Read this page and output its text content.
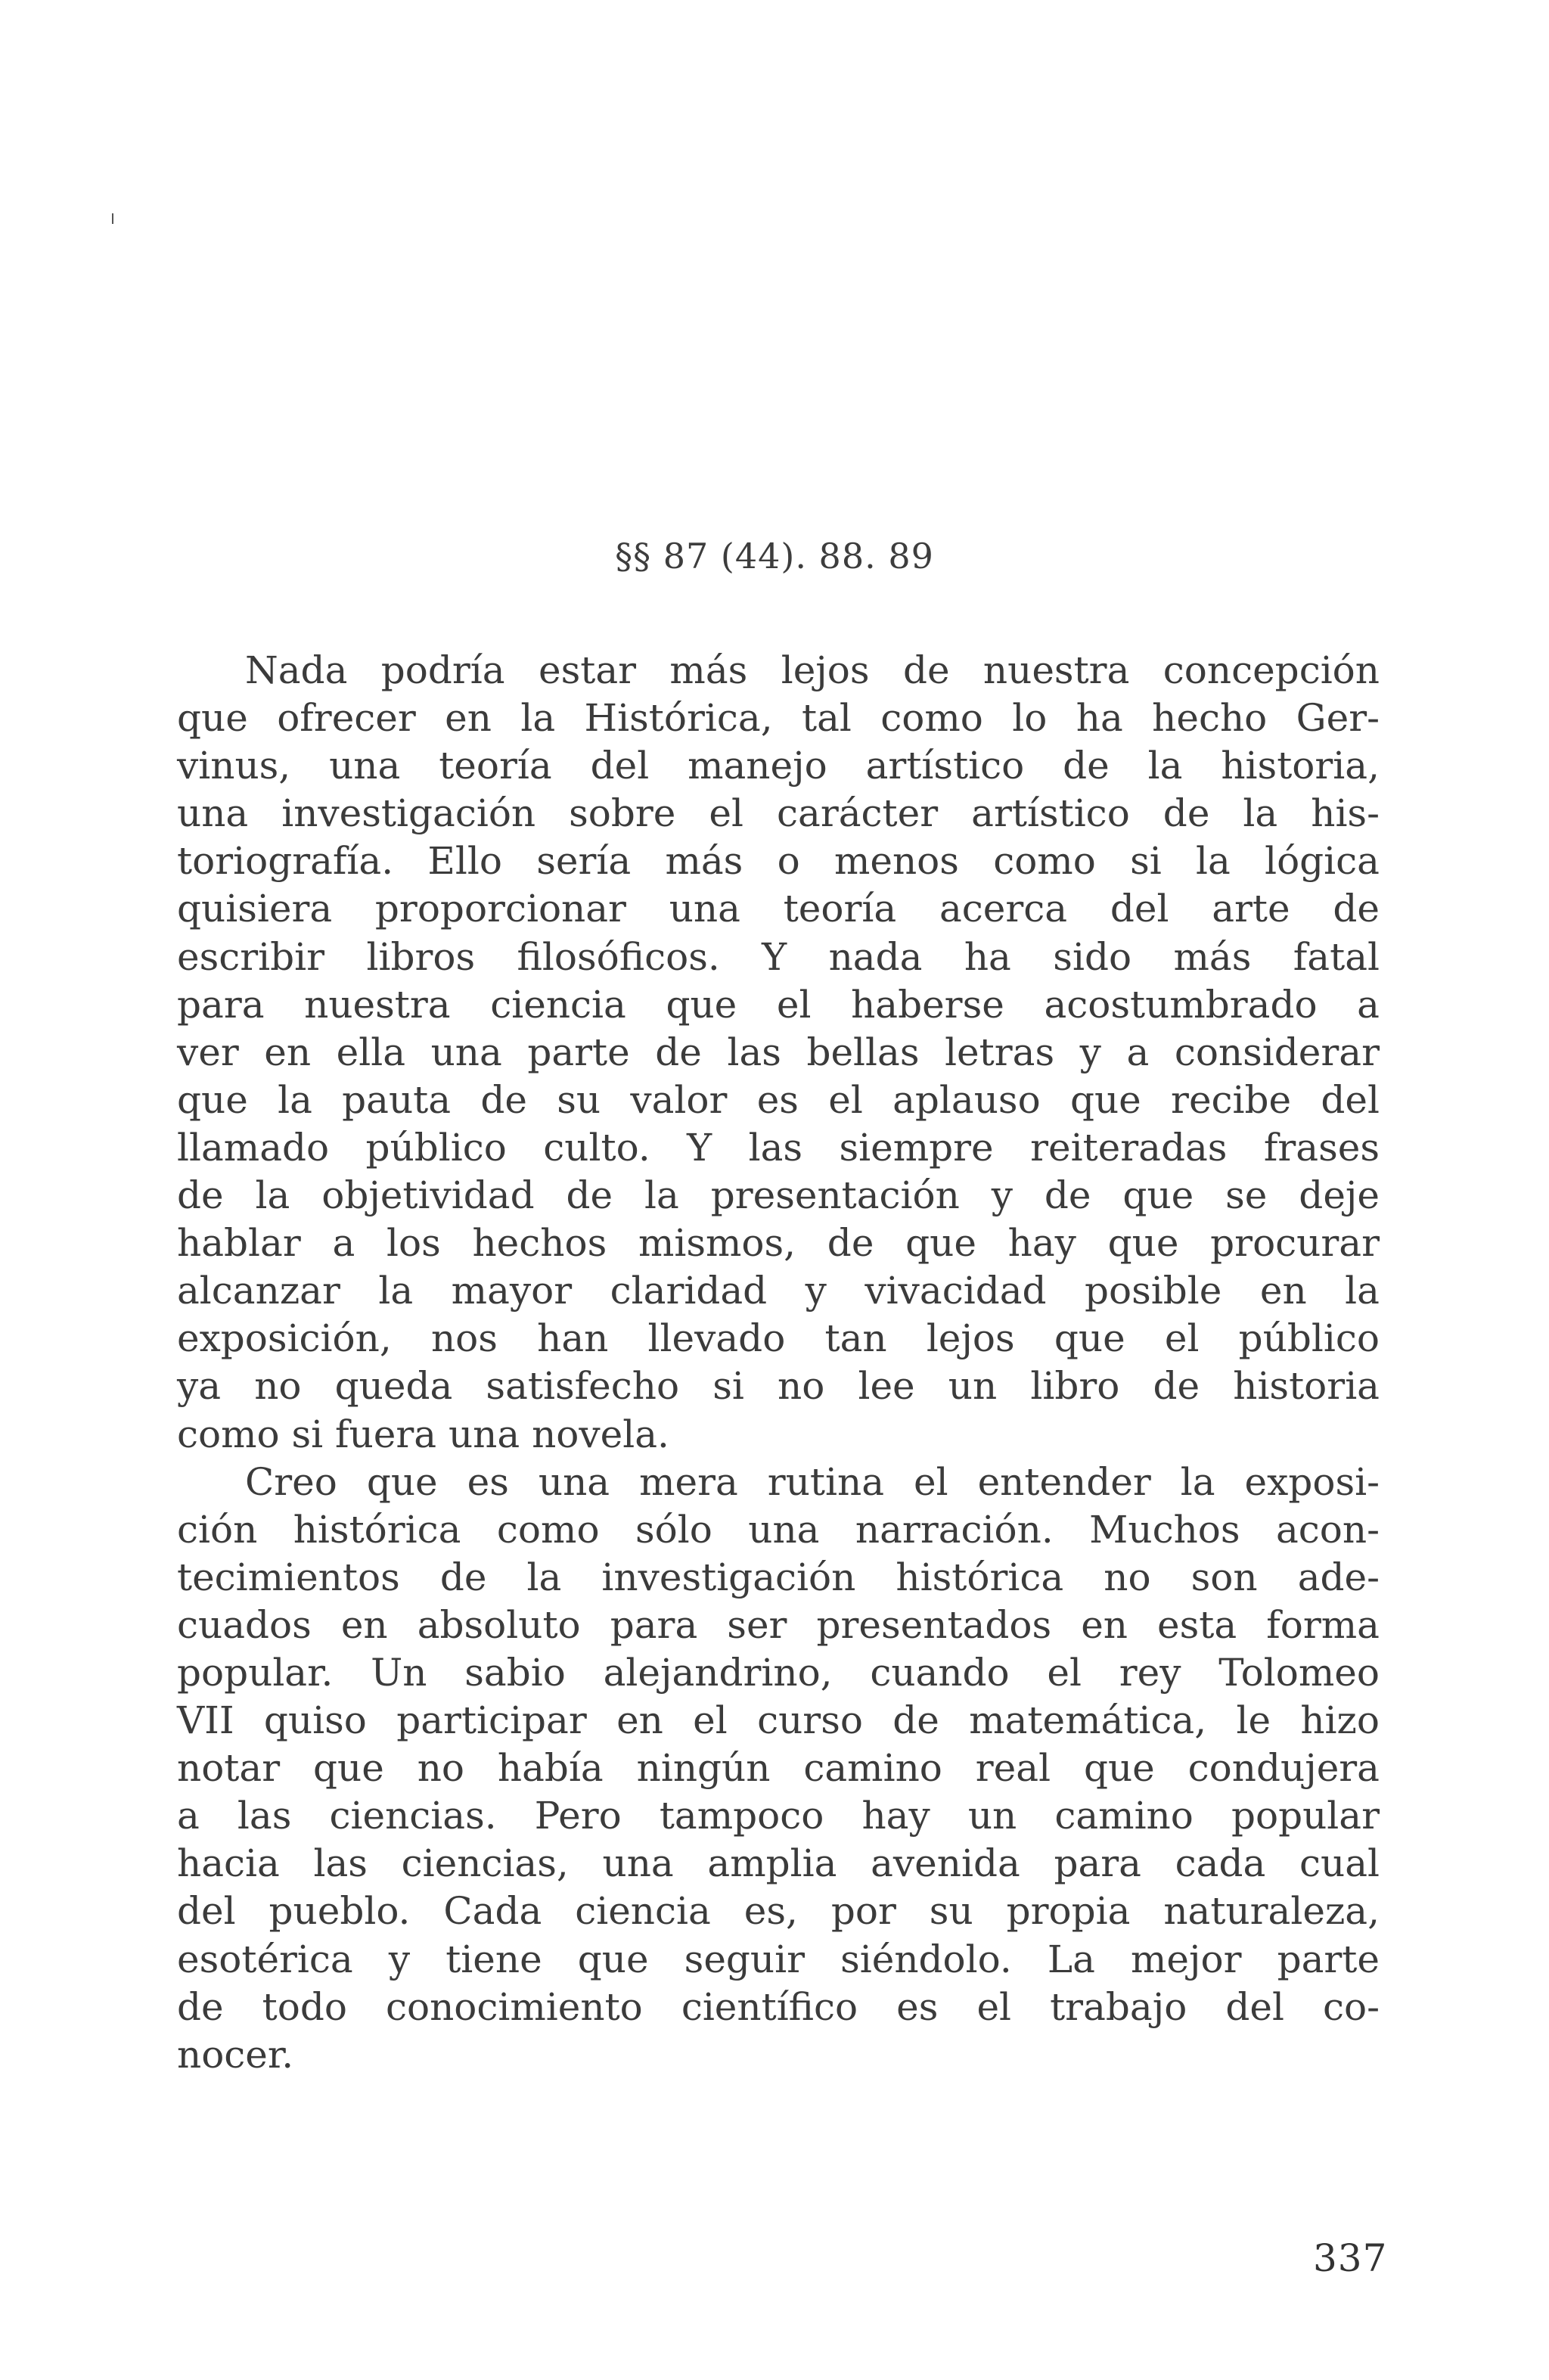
§§ 87 (44). 88. 89
Nada podría estar más lejos de nuestra concepción
que ofrecer en la Histórica, tal como lo ha hecho Ger-
vinus, una teoría del manejo artístico de la historia,
una investigación sobre el carácter artístico de la his-
toriografía. Ello sería más o menos como si la lógica
quisiera proporcionar una teoría acerca del arte de
escribir libros filosóficos. Y nada ha sido más fatal
para nuestra ciencia que el haberse acostumbrado a
ver en ella una parte de las bellas letras y a considerar
que la pauta de su valor es el aplauso que recibe del
llamado público culto. Y las siempre reiteradas frases
de la objetividad de la presentación y de que se deje
hablar a los hechos mismos, de que hay que procurar
alcanzar la mayor claridad y vivacidad posible en la
exposición, nos han llevado tan lejos que el público
ya no queda satisfecho si no lee un libro de historia
como si fuera una novela.
Creo que es una mera rutina el entender la exposi-
ción histórica como sólo una narración. Muchos acon-
tecimientos de la investigación histórica no son ade-
cuados en absoluto para ser presentados en esta forma
popular. Un sabio alejandrino, cuando el rey Tolomeo
VII quiso participar en el curso de matemática, le hizo
notar que no había ningún camino real que condujera
a las ciencias. Pero tampoco hay un camino popular
hacia las ciencias, una amplia avenida para cada cual
del pueblo. Cada ciencia es, por su propia naturaleza,
esotérica y tiene que seguir siéndolo. La mejor parte
de todo conocimiento científico es el trabajo del co-
nocer.
337
